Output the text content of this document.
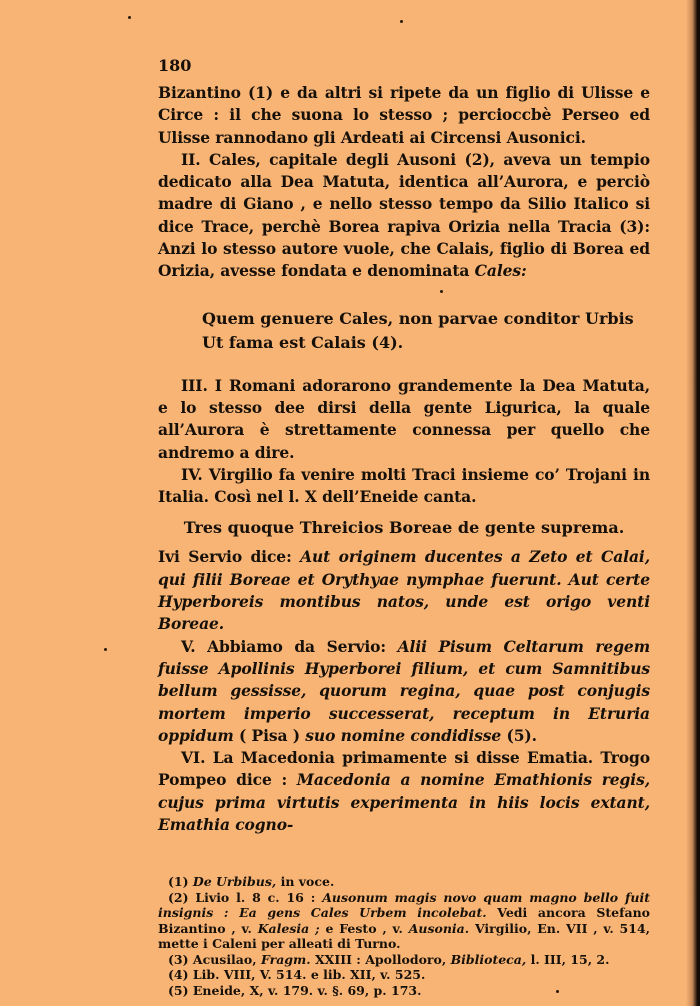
180

Bizantino (1) e da altri si ripete da un figlio di Ulisse e Circe : il che suona lo stesso ; percioccbè Perseo ed Ulisse rannodano gli Ardeati ai Circensi Ausonici.

II. Cales, capitale degli Ausoni (2), aveva un tempio dedicato alla Dea Matuta, identica all’Aurora, e perciò madre di Giano , e nello stesso tempo da Silio Italico si dice Trace, perchè Borea rapiva Orizia nella Tracia (3): Anzi lo stesso autore vuole, che Calais, figlio di Borea ed Orizia, avesse fondata e denominata Cales:

Quem genuere Cales, non parvae conditor Urbis

Ut fama est Calais (4).

III. I Romani adorarono grandemente la Dea Matuta, e lo stesso dee dirsi della gente Ligurica, la quale all’Aurora è strettamente connessa per quello che andremo a dire.

IV. Virgilio fa venire molti Traci insieme co’ Trojani in Italia. Così nel l. X dell’Eneide canta.

Tres quoque Threicios Boreae de gente suprema.

Ivi Servio dice: Aut originem ducentes a Zeto et Calai, qui filii Boreae et Orythyae nymphae fuerunt. Aut certe Hyperboreis montibus natos, unde est origo venti Boreae.

V. Abbiamo da Servio: Alii Pisum Celtarum regem fuisse Apollinis Hyperborei filium, et cum Samnitibus bellum gessisse, quorum regina, quae post conjugis mortem imperio successerat, receptum in Etruria oppidum ( Pisa ) suo nomine condidisse (5).

VI. La Macedonia primamente si disse Ematia. Trogo Pompeo dice : Macedonia a nomine Emathionis regis, cujus prima virtutis experimenta in hiis locis extant, Emathia cogno-

(1) De Urbibus, in voce.

(2) Livio l. 8 c. 16 : Ausonum magis novo quam magno bello fuit insignis : Ea gens Cales Urbem incolebat. Vedi ancora Stefano Bizantino , v. Kalesia ; e Festo , v. Ausonia. Virgilio, En. VII , v. 514, mette i Caleni per alleati di Turno.

(3) Acusilao, Fragm. XXIII : Apollodoro, Biblioteca, l. III, 15, 2.

(4) Lib. VIII, V. 514. e lib. XII, v. 525.

(5) Eneide, X, v. 179. v. §. 69, p. 173.
